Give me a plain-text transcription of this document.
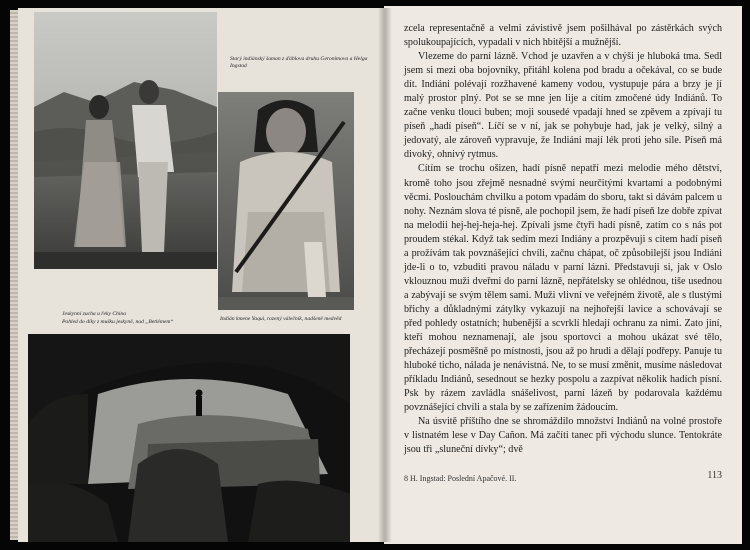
Starý indiánský šaman z ďáblova druhu Geronimova a Helga Ingstad
Jeskynní zucha u řeky China
Pohled do díky z mušku jeskyně, nad „Betlémem“	Indián kmene Yaqui, rozený válečník, nadšeně medvěd

zcela representačně a velmi závistivě jsem pošilhával po zástěrkách svých spolukoupajících, vypadali v nich hbitější a mužnější.

Vlezeme do parní lázně. Vchod je uzavřen a v chýši je hluboká tma. Sedl jsem si mezi oba bojovníky, přitáhl kolena pod bradu a očekával, co se bude dít. Indiáni polévají rozžhavené kameny vodou, vystupuje pára a brzy je jí malý prostor plný. Pot se se mne jen lije a cítím zmočené údy Indiánů. To začne venku tlouci buben; moji sousedé vpadají hned se zpěvem a zpívají tu píseň „hadí píseň“. Líčí se v ní, jak se pohybuje had, jak je velký, silný a jedovatý, ale zároveň vypravuje, že Indiáni mají lék proti jeho síle. Píseň má divoký, ohnivý rytmus.

Cítím se trochu ošizen, hadí písně nepatří mezi melodie mého dětství, kromě toho jsou zřejmě nesnadné svými neurčitými kvartami a podobnými věcmi. Poslouchám chvilku a potom vpadám do sboru, takt si dávám palcem u nohy. Neznám slova té písně, ale pochopil jsem, že hadí píseň lze dobře zpívat na melodii hej-hej-heja-hej. Zpívali jsme čtyři hadí písně, zatím co s nás pot proudem stékal. Když tak sedím mezi Indiány a prozpěvuji s citem hadí píseň a prožívám tak povznášející chvíli, začnu chápat, oč způsobilejší jsou Indiáni jde-li o to, vzbuditi pravou náladu v parní lázni. Představuji si, jak v Oslo vklouznou muži dveřmi do parní lázně, nepřátelsky se ohlédnou, tiše usednou a zabývají se svým tělem sami. Muži vlivní ve veřejném životě, ale s tlustými břichy a důkladnými zátylky vykazují na nejhořejší lavice a schovávají se před pohledy ostatních; hubenější a scvrklí hledají ochranu za nimi. Zato jiní, kteří mohou neznamenají, ale jsou sportovci a mohou ukázat své tělo, přecházejí posměšně po místnosti, jsou až po hrudi a dělají podřepy. Panuje tu hluboké ticho, nálada je nenávistná. Ne, to se musí změnit, musíme následovat příkladu Indiánů, sesednout se hezky pospolu a zazpívat několik hadích písní. Psk by rázem zavládla snášelivost, parní lázeň by podarovala každému povznášející chvíli a stala by se zařízením žádoucím.

Na úsvitě příštího dne se shromáždilo množství Indiánů na volné prostoře v listnatém lese v Day Cañon. Má začíti tanec při východu slunce. Tentokráte jsou tři „sluneční dívky“; dvě

8 H. Ingstad: Poslední Apačové. II.	113
